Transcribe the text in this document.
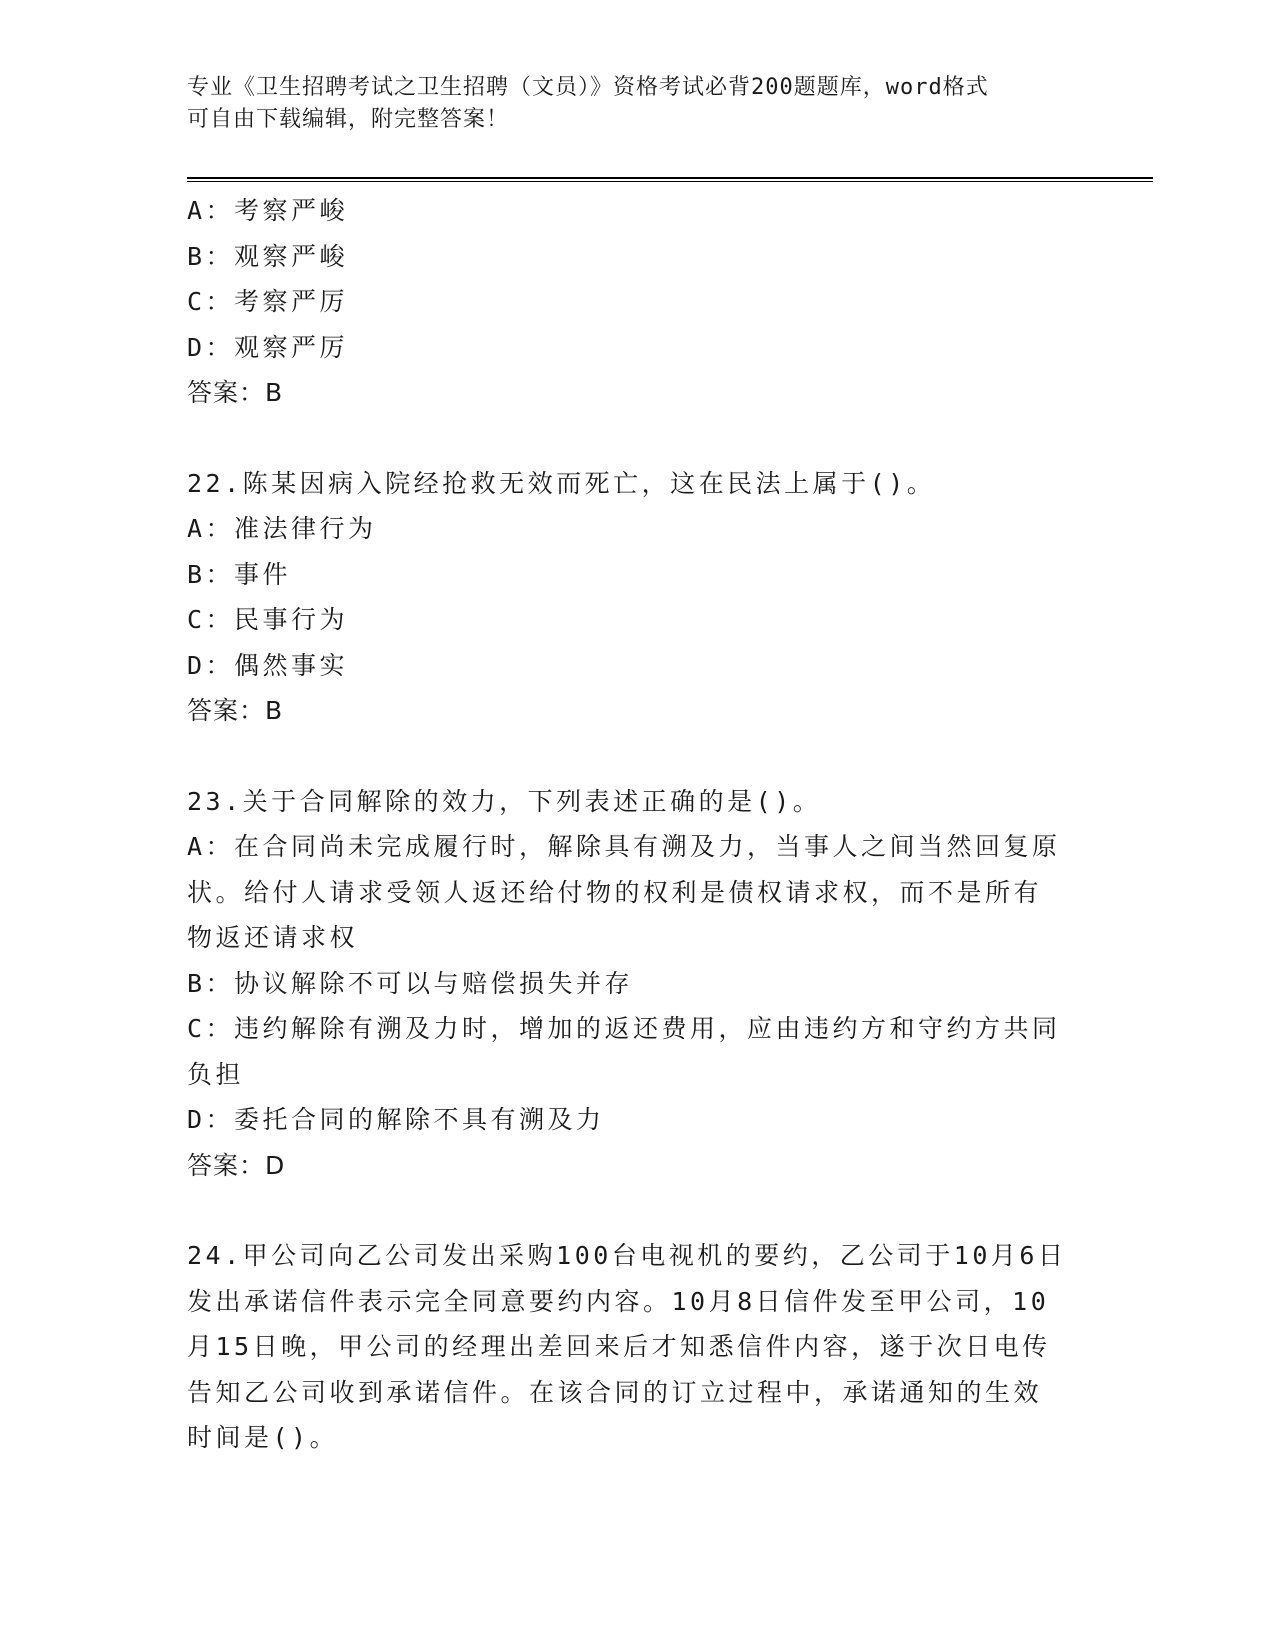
专业《卫生招聘考试之卫生招聘（文员）》资格考试必背200题题库，word格式
可自由下载编辑，附完整答案！
A：考察严峻
B：观察严峻
C：考察严厉
D：观察严厉
答案：B
22.陈某因病入院经抢救无效而死亡，这在民法上属于()。
A：准法律行为
B：事件
C：民事行为
D：偶然事实
答案：B
23.关于合同解除的效力，下列表述正确的是()。
A：在合同尚未完成履行时，解除具有溯及力，当事人之间当然回复原状。给付人请求受领人返还给付物的权利是债权请求权，而不是所有物返还请求权
B：协议解除不可以与赔偿损失并存
C：违约解除有溯及力时，增加的返还费用，应由违约方和守约方共同负担
D：委托合同的解除不具有溯及力
答案：D
24.甲公司向乙公司发出采购100台电视机的要约，乙公司于10月6日发出承诺信件表示完全同意要约内容。10月8日信件发至甲公司，10月15日晚，甲公司的经理出差回来后才知悉信件内容，遂于次日电传告知乙公司收到承诺信件。在该合同的订立过程中，承诺通知的生效时间是()。
